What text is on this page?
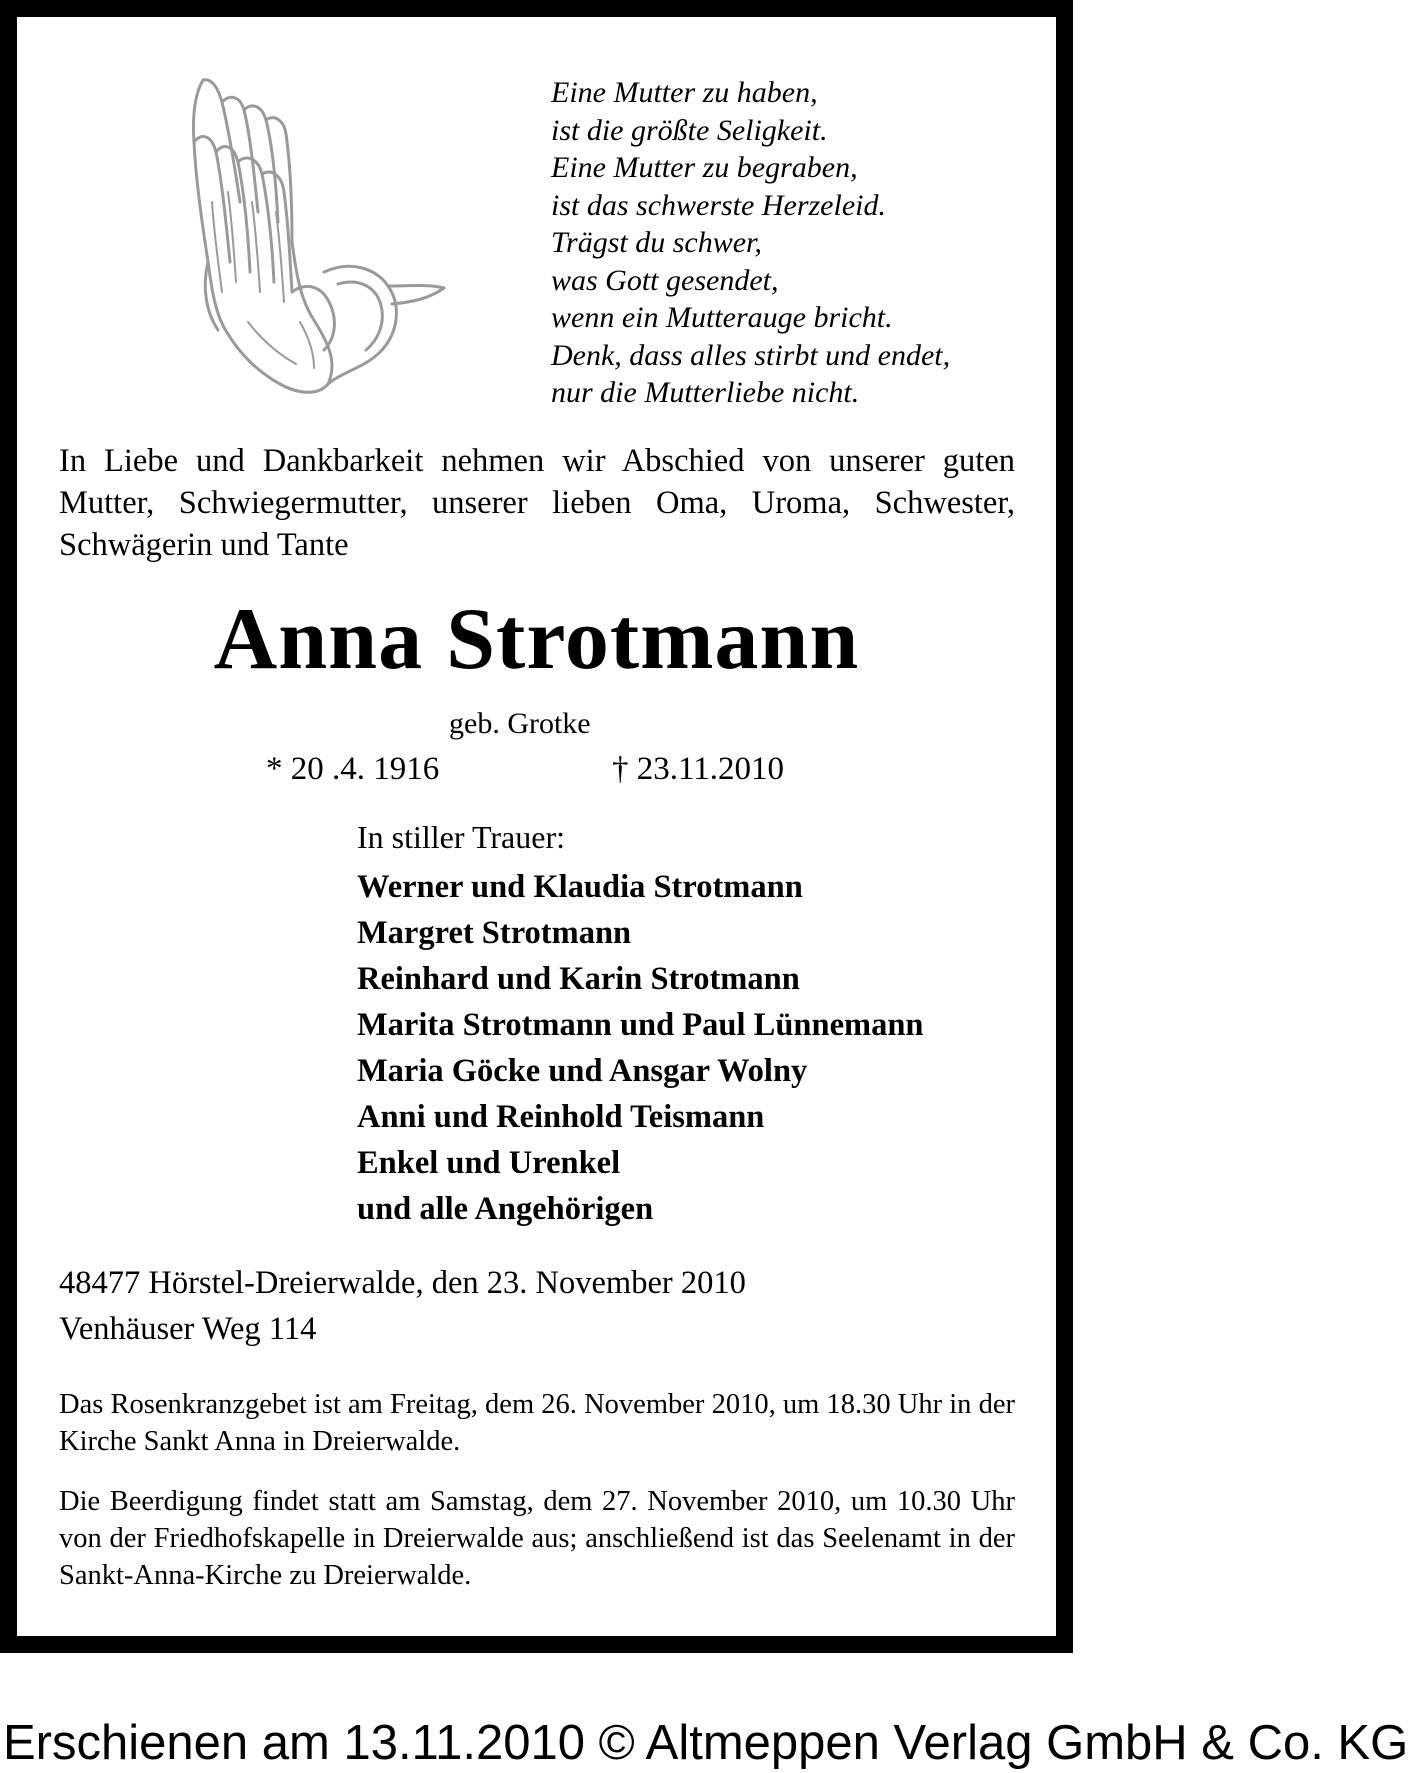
Eine Mutter zu haben,
ist die größte Seligkeit.
Eine Mutter zu begraben,
ist das schwerste Herzeleid.
Trägst du schwer,
was Gott gesendet,
wenn ein Mutterauge bricht.
Denk, dass alles stirbt und endet,
nur die Mutterliebe nicht.
In Liebe und Dankbarkeit nehmen wir Abschied von unserer guten Mutter, Schwiegermutter, unserer lieben Oma, Uroma, Schwester, Schwägerin und Tante
Anna Strotmann
geb. Grotke
* 20 .4. 1916	† 23.11.2010
In stiller Trauer:
Werner und Klaudia Strotmann
Margret Strotmann
Reinhard und Karin Strotmann
Marita Strotmann und Paul Lünnemann
Maria Göcke und Ansgar Wolny
Anni und Reinhold Teismann
Enkel und Urenkel
und alle Angehörigen
48477 Hörstel-Dreierwalde, den 23. November 2010
Venhäuser Weg 114
Das Rosenkranzgebet ist am Freitag, dem 26. November 2010, um 18.30 Uhr in der Kirche Sankt Anna in Dreierwalde.
Die Beerdigung findet statt am Samstag, dem 27. November 2010, um 10.30 Uhr von der Friedhofskapelle in Dreierwalde aus; anschließend ist das Seelenamt in der Sankt-Anna-Kirche zu Dreierwalde.
Erschienen am 13.11.2010 © Altmeppen Verlag GmbH & Co. KG
